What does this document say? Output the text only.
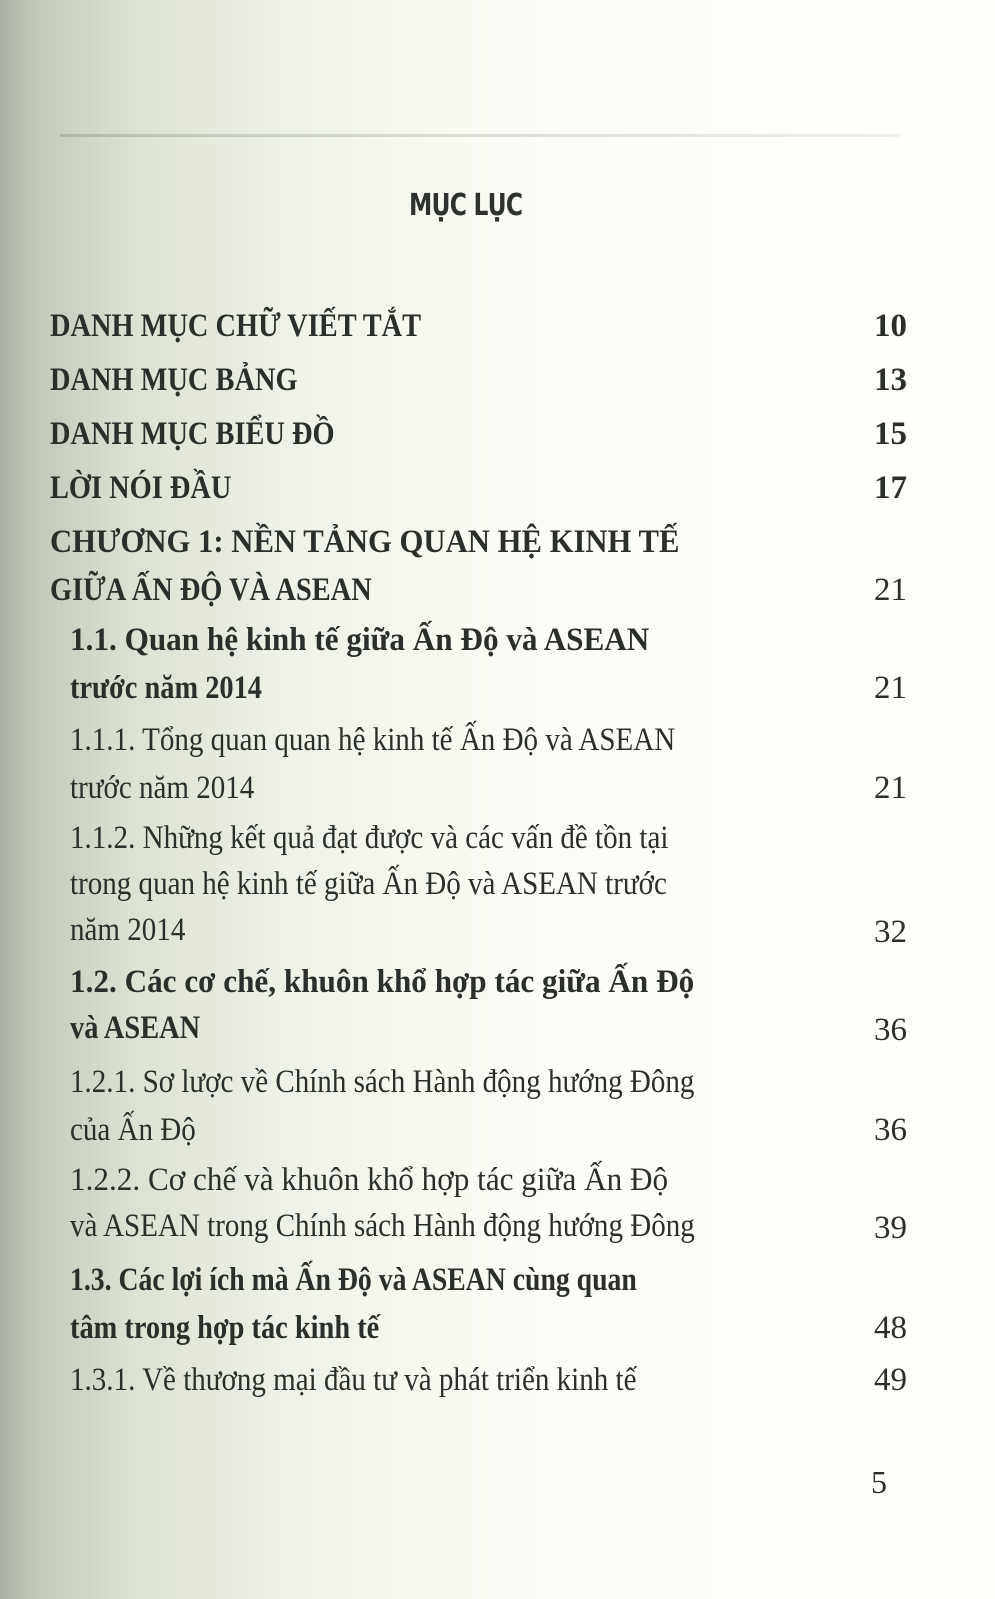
MỤC LỤC
DANH MỤC CHỮ VIẾT TẮT	10
DANH MỤC BẢNG	13
DANH MỤC BIỂU ĐỒ	15
LỜI NÓI ĐẦU	17
CHƯƠNG 1: NỀN TẢNG QUAN HỆ KINH TẾ
GIỮA ẤN ĐỘ VÀ ASEAN	21
1.1. Quan hệ kinh tế giữa Ấn Độ và ASEAN
trước năm 2014	21
1.1.1. Tổng quan quan hệ kinh tế Ấn Độ và ASEAN
trước năm 2014	21
1.1.2. Những kết quả đạt được và các vấn đề tồn tại
trong quan hệ kinh tế giữa Ấn Độ và ASEAN trước
năm 2014	32
1.2. Các cơ chế, khuôn khổ hợp tác giữa Ấn Độ
và ASEAN	36
1.2.1. Sơ lược về Chính sách Hành động hướng Đông
của Ấn Độ	36
1.2.2. Cơ chế và khuôn khổ hợp tác giữa Ấn Độ
và ASEAN trong Chính sách Hành động hướng Đông	39
1.3. Các lợi ích mà Ấn Độ và ASEAN cùng quan
tâm trong hợp tác kinh tế	48
1.3.1. Về thương mại đầu tư và phát triển kinh tế	49
5
